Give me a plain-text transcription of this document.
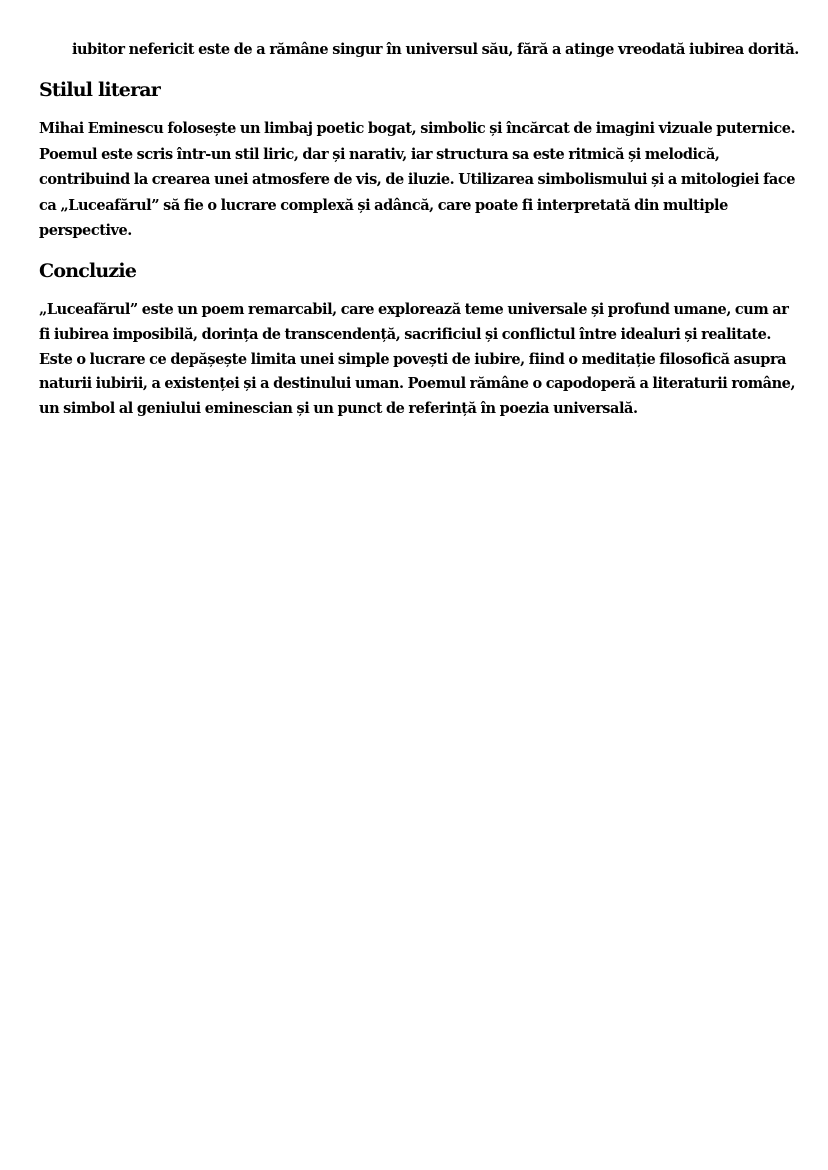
iubitor nefericit este de a rămâne singur în universul său, fără a atinge vreodată iubirea dorită.

Stilul literar

Mihai Eminescu folosește un limbaj poetic bogat, simbolic și încărcat de imagini vizuale puternice. Poemul este scris într-un stil liric, dar și narativ, iar structura sa este ritmică și melodică, contribuind la crearea unei atmosfere de vis, de iluzie. Utilizarea simbolismului și a mitologiei face ca „Luceafărul” să fie o lucrare complexă și adâncă, care poate fi interpretată din multiple perspective.

Concluzie

„Luceafărul” este un poem remarcabil, care explorează teme universale și profund umane, cum ar fi iubirea imposibilă, dorința de transcendență, sacrificiul și conflictul între idealuri și realitate. Este o lucrare ce depășește limita unei simple povești de iubire, fiind o meditație filosofică asupra naturii iubirii, a existenței și a destinului uman. Poemul rămâne o capodoperă a literaturii române, un simbol al geniului eminescian și un punct de referință în poezia universală.
